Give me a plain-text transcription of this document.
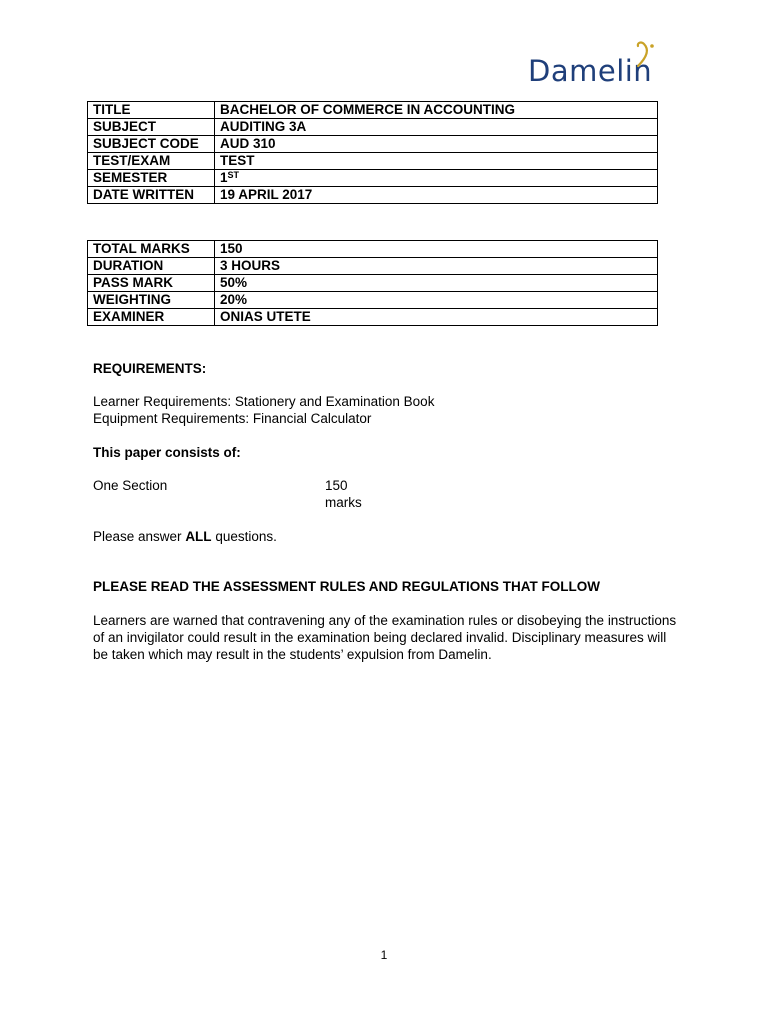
Damelin
TITLE	BACHELOR OF COMMERCE IN ACCOUNTING
SUBJECT	AUDITING 3A
SUBJECT CODE	AUD 310
TEST/EXAM	TEST
SEMESTER	1ST
DATE WRITTEN	19 APRIL 2017
TOTAL MARKS	150
DURATION	3 HOURS
PASS MARK	50%
WEIGHTING	20%
EXAMINER	ONIAS UTETE

REQUIREMENTS:

Learner Requirements: Stationery and Examination Book

Equipment Requirements: Financial Calculator

This paper consists of:

One Section	150 marks

Please answer ALL questions.

PLEASE READ THE ASSESSMENT RULES AND REGULATIONS THAT FOLLOW

Learners are warned that contravening any of the examination rules or disobeying the instructions of an invigilator could result in the examination being declared invalid. Disciplinary measures will be taken which may result in the students’ expulsion from Damelin.

1
